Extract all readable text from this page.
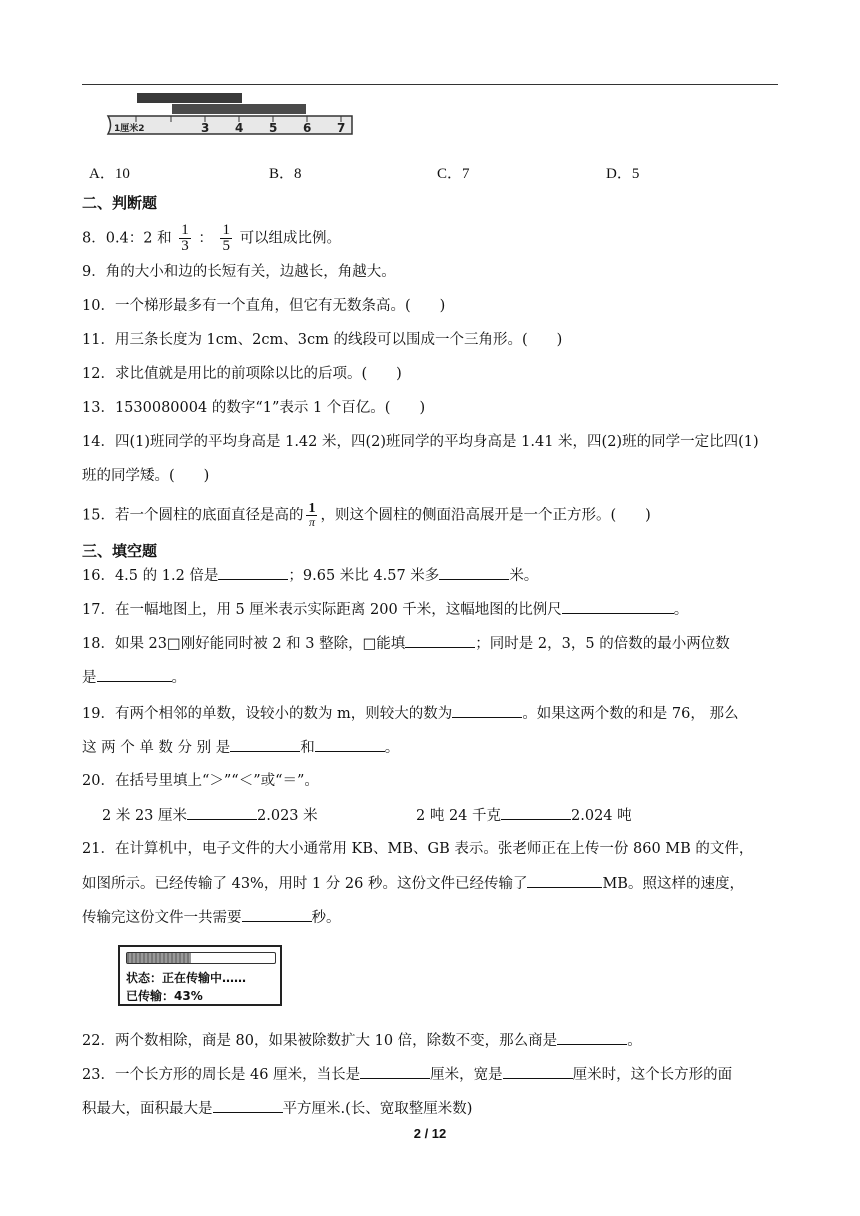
1厘米2	3 4 5 6 7
A．10	B．8	C．7	D．5
二、判断题
8．0.4：2 和 $\frac{1}{3}$ ： $\frac{1}{5}$ 可以组成比例。
9．角的大小和边的长短有关，边越长，角越大。
10．一个梯形最多有一个直角，但它有无数条高。(　　)
11．用三条长度为 1cm、2cm、3cm 的线段可以围成一个三角形。(　　)
12．求比值就是用比的前项除以比的后项。(　　)
13．1530080004 的数字“1”表示 1 个百亿。(　　)
14．四(1)班同学的平均身高是 1.42 米，四(2)班同学的平均身高是 1.41 米，四(2)班的同学一定比四(1)
班的同学矮。(　　)
15．若一个圆柱的底面直径是高的 $\frac{1}{\pi}$ ，则这个圆柱的侧面沿高展开是一个正方形。(　　)
三、填空题
16．4.5 的 1.2 倍是	；9.65 米比 4.57 米多	米。
17．在一幅地图上，用 5 厘米表示实际距离 200 千米，这幅地图的比例尺	。
18．如果 23□刚好能同时被 2 和 3 整除，□能填	；同时是 2，3，5 的倍数的最小两位数
是	。
19．有两个相邻的单数，设较小的数为 m，则较大的数为	。如果这两个数的和是 76， 那么
这 两 个 单 数 分 别 是	和	。
20．在括号里填上“＞”“＜”或“＝”。
2 米 23 厘米	2.023 米	2 吨 24 千克	2.024 吨
21．在计算机中，电子文件的大小通常用 KB、MB、GB 表示。张老师正在上传一份 860 MB 的文件，
如图所示。已经传输了 43%，用时 1 分 26 秒。这份文件已经传输了	MB。照这样的速度，
传输完这份文件一共需要	秒。
状态：正在传输中……
已传输：43%
22．两个数相除，商是 80，如果被除数扩大 10 倍，除数不变，那么商是	。
23．一个长方形的周长是 46 厘米，当长是	厘米，宽是	厘米时，这个长方形的面
积最大，面积最大是	平方厘米.(长、宽取整厘米数)
2 / 12
